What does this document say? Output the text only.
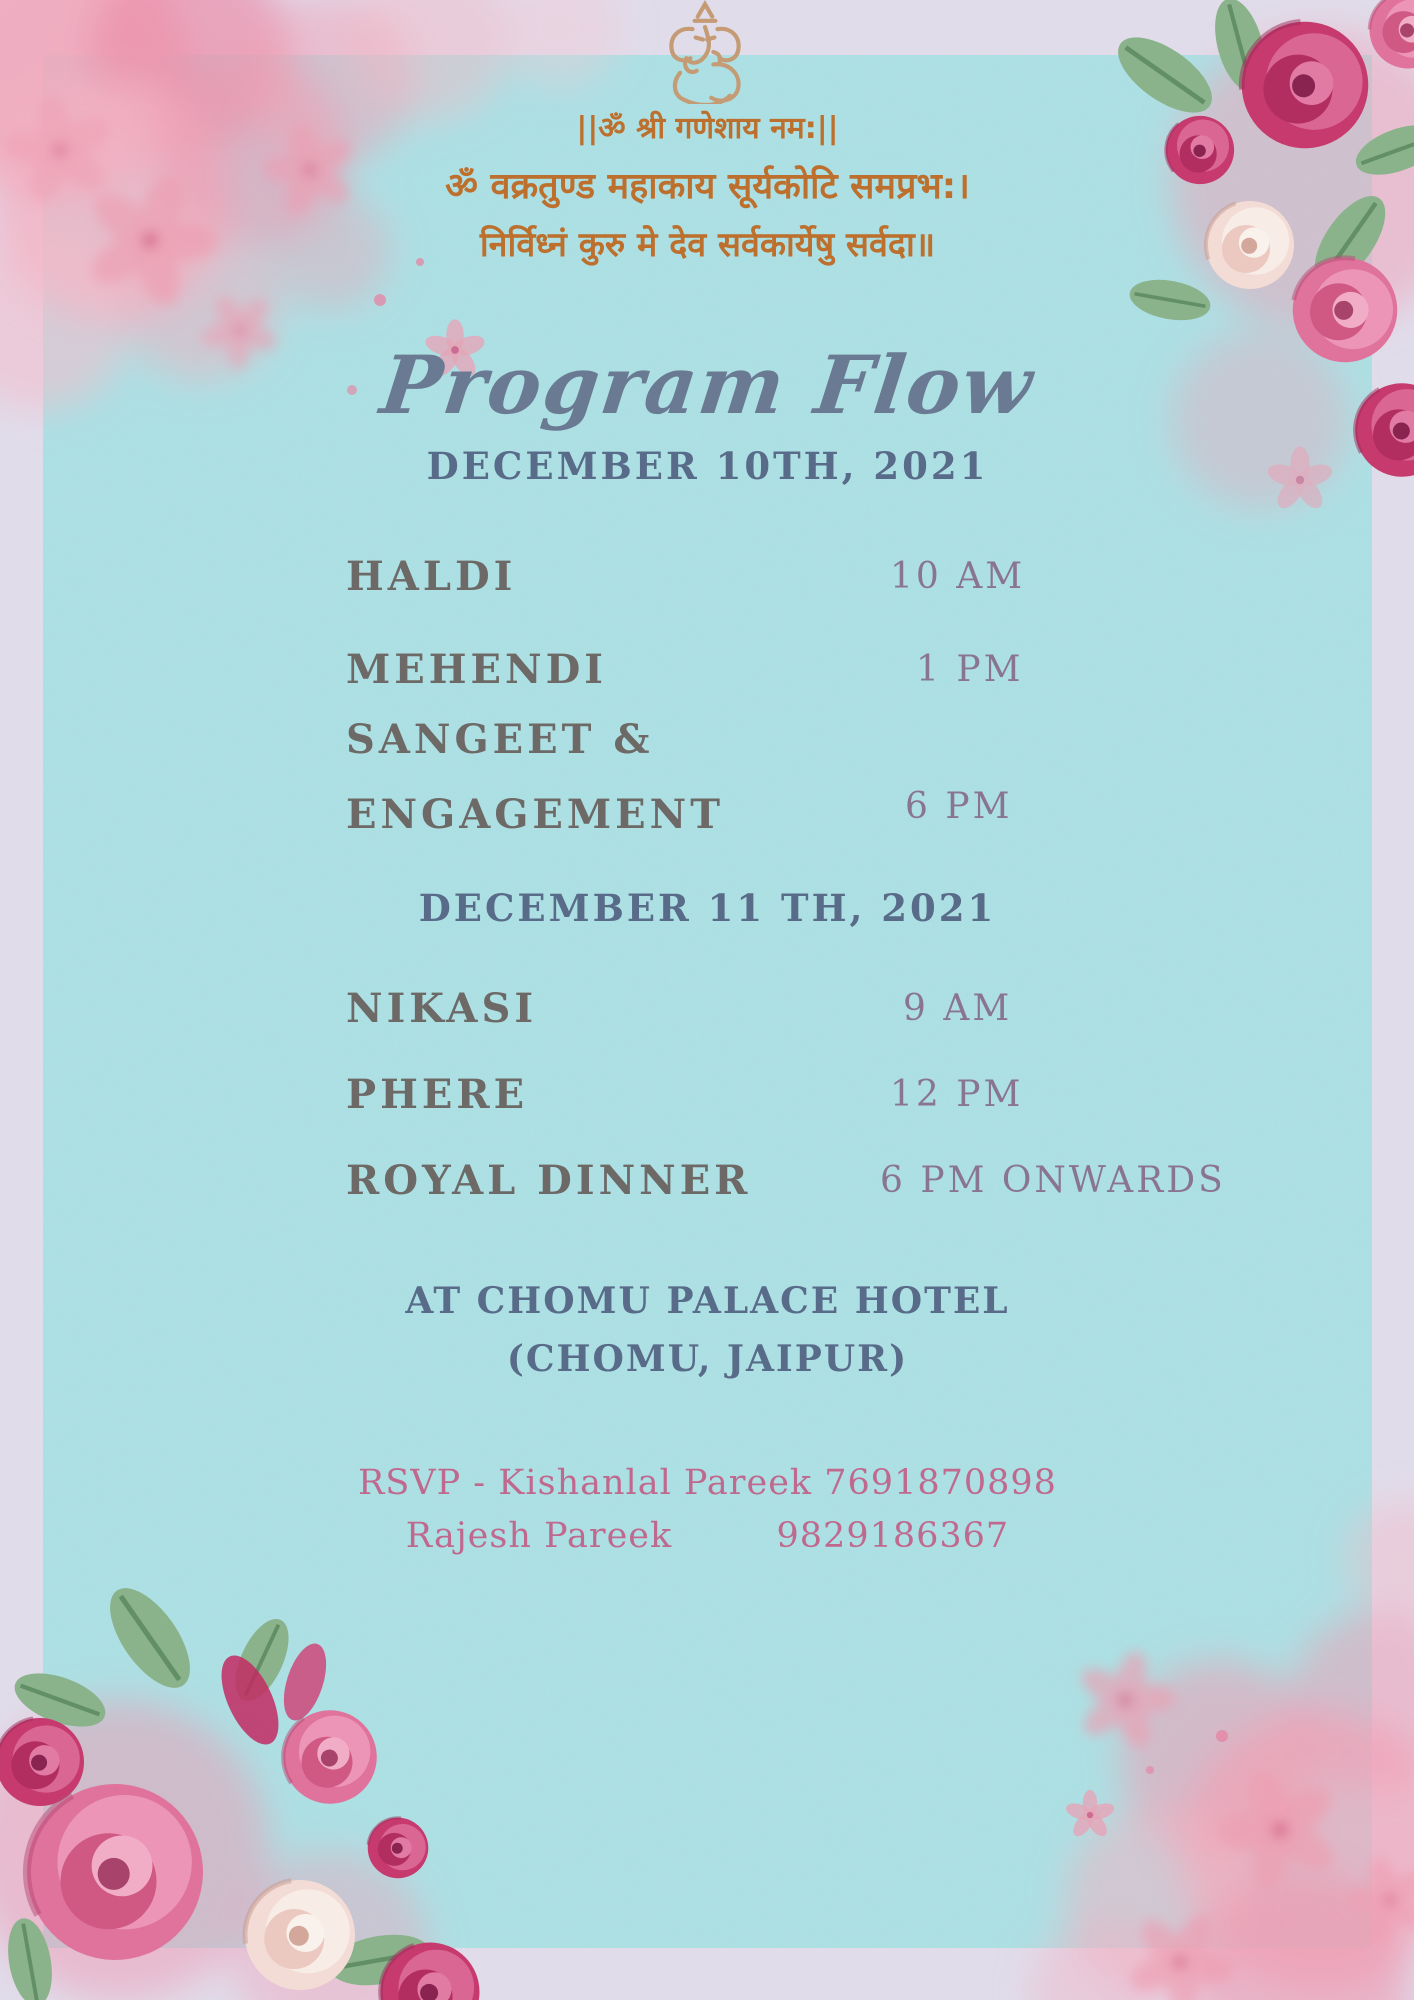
||ॐ श्री गणेशाय नम:||
ॐ वक्रतुण्ड महाकाय सूर्यकोटि समप्रभ:।
निर्विध्नं कुरु मे देव सर्वकार्येषु सर्वदा॥
Program Flow
DECEMBER 10TH, 2021
HALDI	10 AM
MEHENDI	1 PM
SANGEET &
ENGAGEMENT	6 PM
DECEMBER 11 TH, 2021
NIKASI	9 AM
PHERE	12 PM
ROYAL DINNER	6 PM ONWARDS
AT CHOMU PALACE HOTEL
(CHOMU, JAIPUR)
RSVP - Kishanlal Pareek 7691870898
Rajesh Pareek	9829186367
